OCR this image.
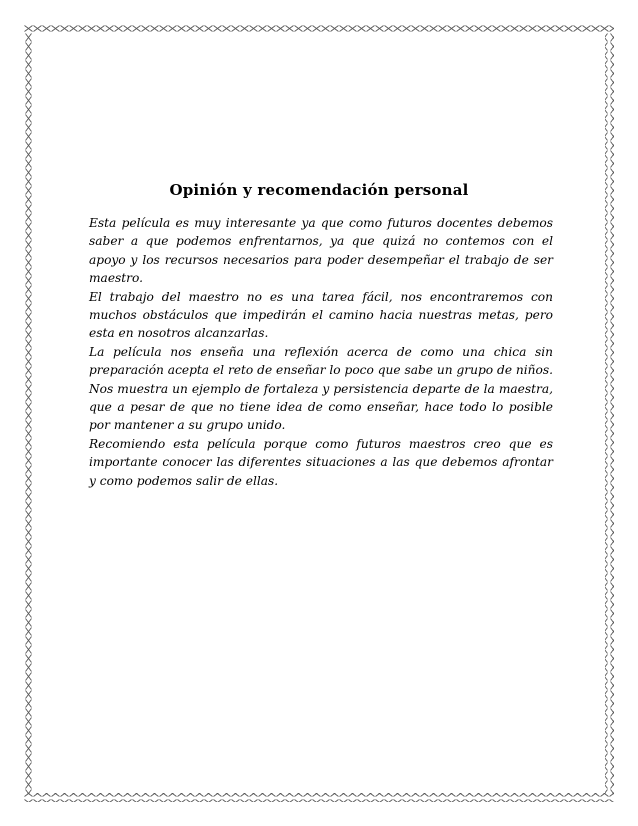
Opinión y recomendación personal

Esta película es muy interesante ya que como futuros docentes debemos saber a que podemos enfrentarnos, ya que quizá no contemos con el apoyo y los recursos necesarios para poder desempeñar el trabajo de ser maestro.

El trabajo del maestro no es una tarea fácil, nos encontraremos con muchos obstáculos que impedirán el camino hacia nuestras metas, pero esta en nosotros alcanzarlas.

La película nos enseña una reflexión acerca de como una chica sin preparación acepta el reto de enseñar lo poco que sabe un grupo de niños. Nos muestra un ejemplo de fortaleza y persistencia departe de la maestra, que a pesar de que no tiene idea de como enseñar, hace todo lo posible por mantener a su grupo unido.

Recomiendo esta película porque como futuros maestros creo que es importante conocer las diferentes situaciones a las que debemos afrontar y como podemos salir de ellas.
